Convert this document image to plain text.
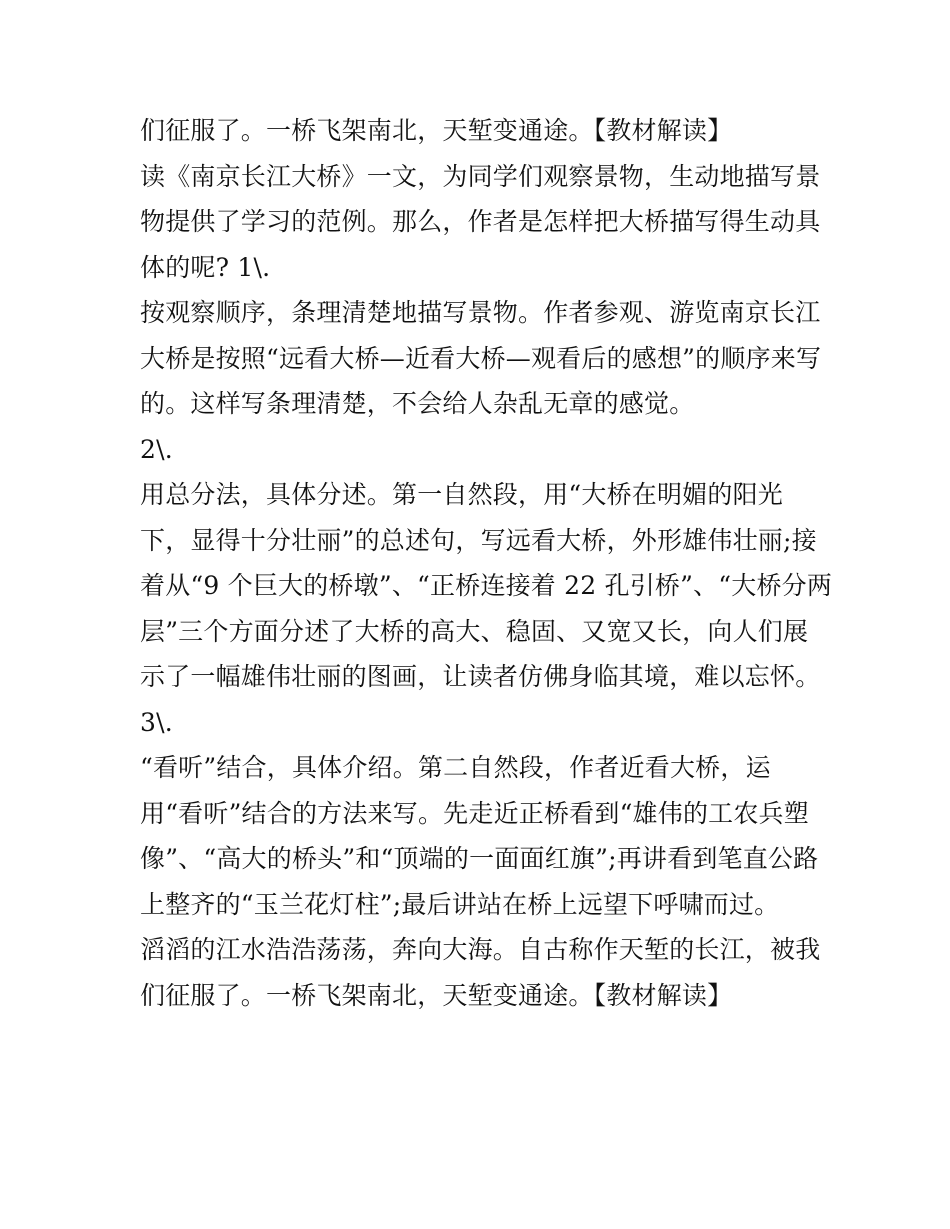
们征服了。一桥飞架南北，天堑变通途。【教材解读】
读《南京长江大桥》一文，为同学们观察景物，生动地描写景
物提供了学习的范例。那么，作者是怎样把大桥描写得生动具
体的呢? 1\.
按观察顺序，条理清楚地描写景物。作者参观、游览南京长江
大桥是按照“远看大桥—近看大桥—观看后的感想”的顺序来写
的。这样写条理清楚，不会给人杂乱无章的感觉。
2\.
用总分法，具体分述。第一自然段，用“大桥在明媚的阳光
下，显得十分壮丽”的总述句，写远看大桥，外形雄伟壮丽;接
着从“9 个巨大的桥墩”、“正桥连接着 22 孔引桥”、“大桥分两
层”三个方面分述了大桥的高大、稳固、又宽又长，向人们展
示了一幅雄伟壮丽的图画，让读者仿佛身临其境，难以忘怀。
3\.
“看听”结合，具体介绍。第二自然段，作者近看大桥，运
用“看听”结合的方法来写。先走近正桥看到“雄伟的工农兵塑
像”、“高大的桥头”和“顶端的一面面红旗”;再讲看到笔直公路
上整齐的“玉兰花灯柱”;最后讲站在桥上远望下呼啸而过。
滔滔的江水浩浩荡荡，奔向大海。自古称作天堑的长江，被我
们征服了。一桥飞架南北，天堑变通途。【教材解读】
